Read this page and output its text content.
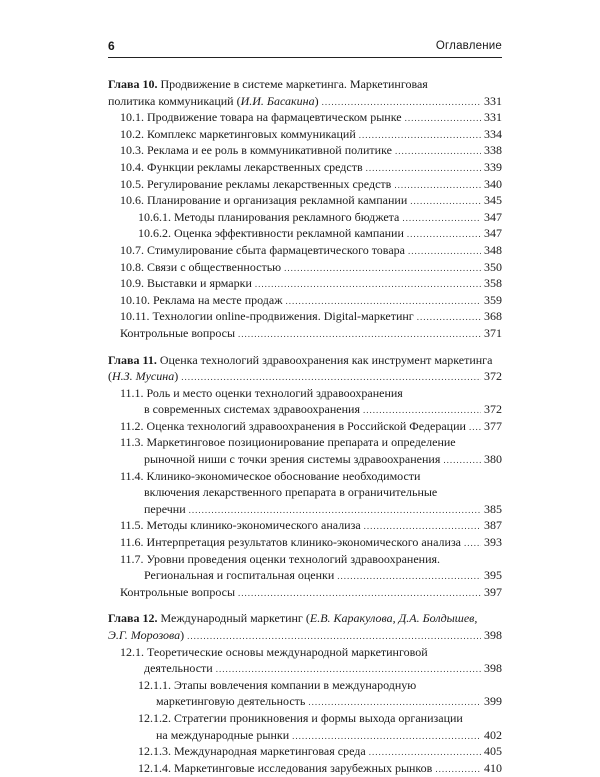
6	Оглавление
Глава 10. Продвижение в системе маркетинга. Маркетинговая
политика коммуникаций (И.И. Басакина) .....	331
10.1. Продвижение товара на фармацевтическом рынке .....	331
10.2. Комплекс маркетинговых коммуникаций .....	334
10.3. Реклама и ее роль в коммуникативной политике .....	338
10.4. Функции рекламы лекарственных средств .....	339
10.5. Регулирование рекламы лекарственных средств .....	340
10.6. Планирование и организация рекламной кампании .....	345
10.6.1. Методы планирования рекламного бюджета .....	347
10.6.2. Оценка эффективности рекламной кампании .....	347
10.7. Стимулирование сбыта фармацевтического товара .....	348
10.8. Связи с общественностью .....	350
10.9. Выставки и ярмарки .....	358
10.10. Реклама на месте продаж .....	359
10.11. Технологии online-продвижения. Digital-маркетинг .....	368
Контрольные вопросы .....	371
Глава 11. Оценка технологий здравоохранения как инструмент маркетинга
(Н.З. Мусина) .....	372
11.1. Роль и место оценки технологий здравоохранения
в современных системах здравоохранения .....	372
11.2. Оценка технологий здравоохранения в Российской Федерации ..... 377
11.3. Маркетинговое позиционирование препарата и определение
рыночной ниши с точки зрения системы здравоохранения .....	380
11.4. Клинико-экономическое обоснование необходимости
включения лекарственного препарата в ограничительные
перечни .....	385
11.5. Методы клинико-экономического анализа .....	387
11.6. Интерпретация результатов клинико-экономического анализа ..... 393
11.7. Уровни проведения оценки технологий здравоохранения.
Региональная и госпитальная оценки .....	395
Контрольные вопросы .....	397
Глава 12. Международный маркетинг (Е.В. Каракулова, Д.А. Болдышев,
Э.Г. Морозова) .....	398
12.1. Теоретические основы международной маркетинговой
деятельности .....	398
12.1.1. Этапы вовлечения компании в международную
маркетинговую деятельность .....	399
12.1.2. Стратегии проникновения и формы выхода организации
на международные рынки .....	402
12.1.3. Международная маркетинговая среда .....	405
12.1.4. Маркетинговые исследования зарубежных рынков .....	410
